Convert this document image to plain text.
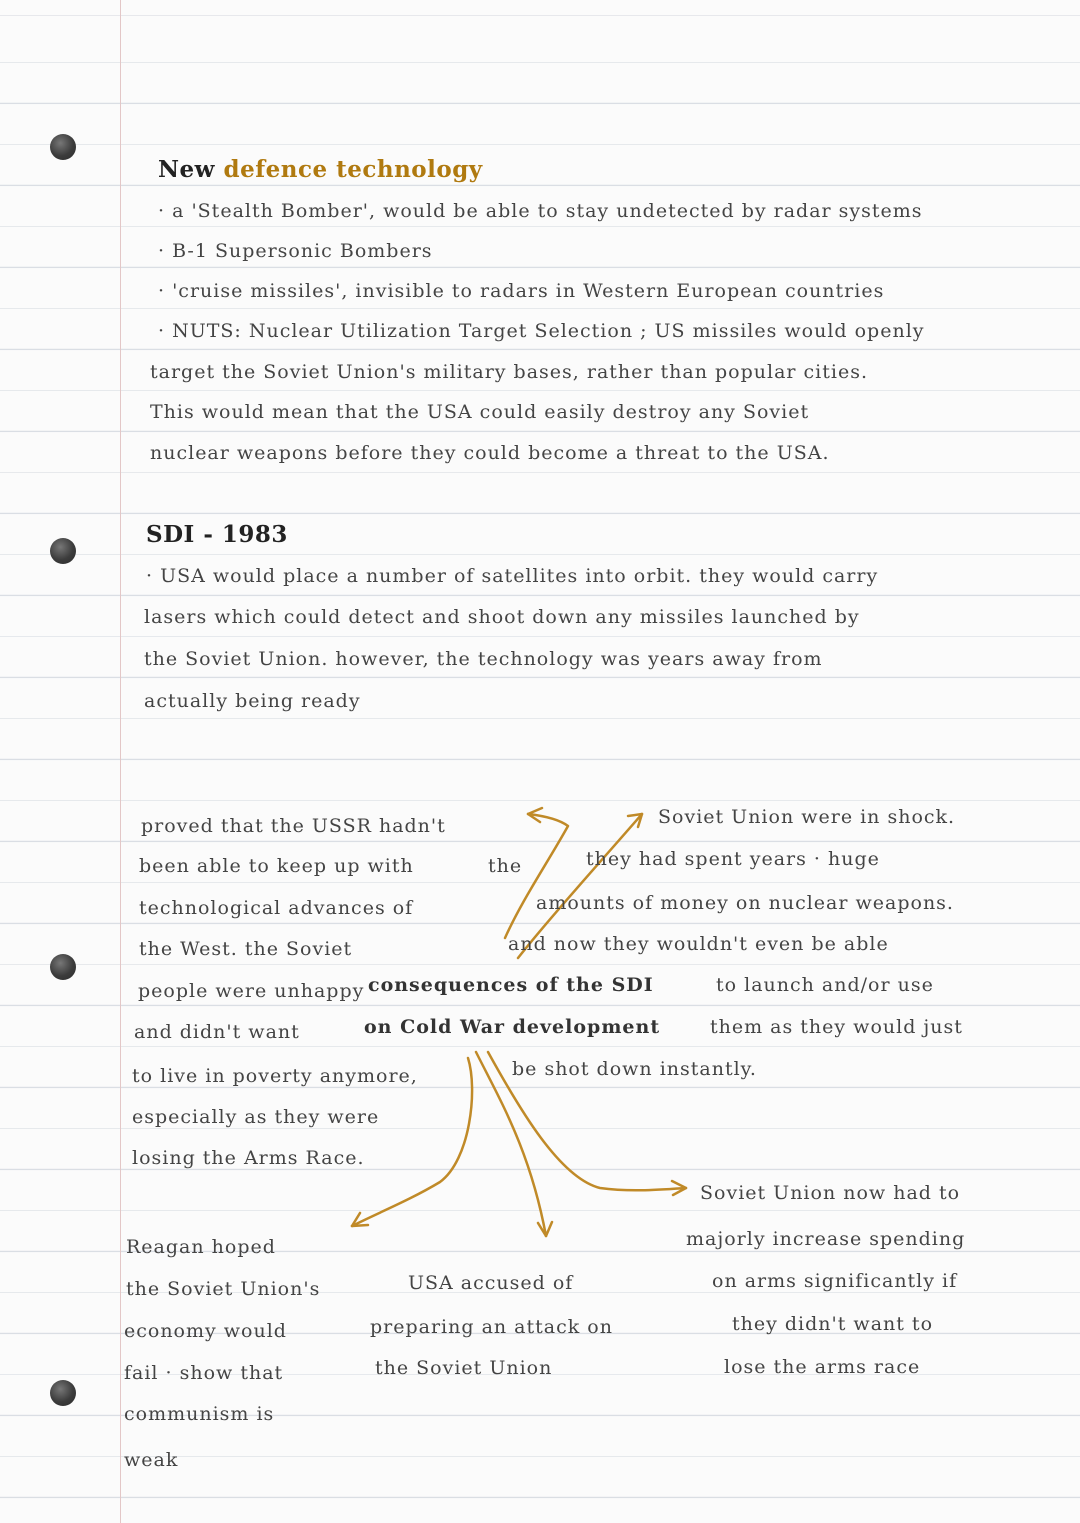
New defence technology

· a 'Stealth Bomber', would be able to stay undetected by radar systems

· B-1 Supersonic Bombers

· 'cruise missiles', invisible to radars in Western European countries

· NUTS: Nuclear Utilization Target Selection ; US missiles would openly

target the Soviet Union's military bases, rather than popular cities.

This would mean that the USA could easily destroy any Soviet

nuclear weapons before they could become a threat to the USA.

SDI - 1983

· USA would place a number of satellites into orbit. they would carry

lasers which could detect and shoot down any missiles launched by

the Soviet Union. however, the technology was years away from

actually being ready

proved that the USSR hadn't

been able to keep up with	the

technological advances of

the West. the Soviet

Soviet Union were in shock.

they had spent years · huge

amounts of money on nuclear weapons.

and now they wouldn't even be able

people were unhappy consequences of the SDI	to launch and/or use

and didn't want	on Cold War development	them as they would just

to live in poverty anymore,	be shot down instantly.

especially as they were

losing the Arms Race.

Reagan hoped

the Soviet Union's

economy would

fail · show that

communism is

weak

USA accused of

preparing an attack on

the Soviet Union

Soviet Union now had to

majorly increase spending

on arms significantly if

they didn't want to

lose the arms race
